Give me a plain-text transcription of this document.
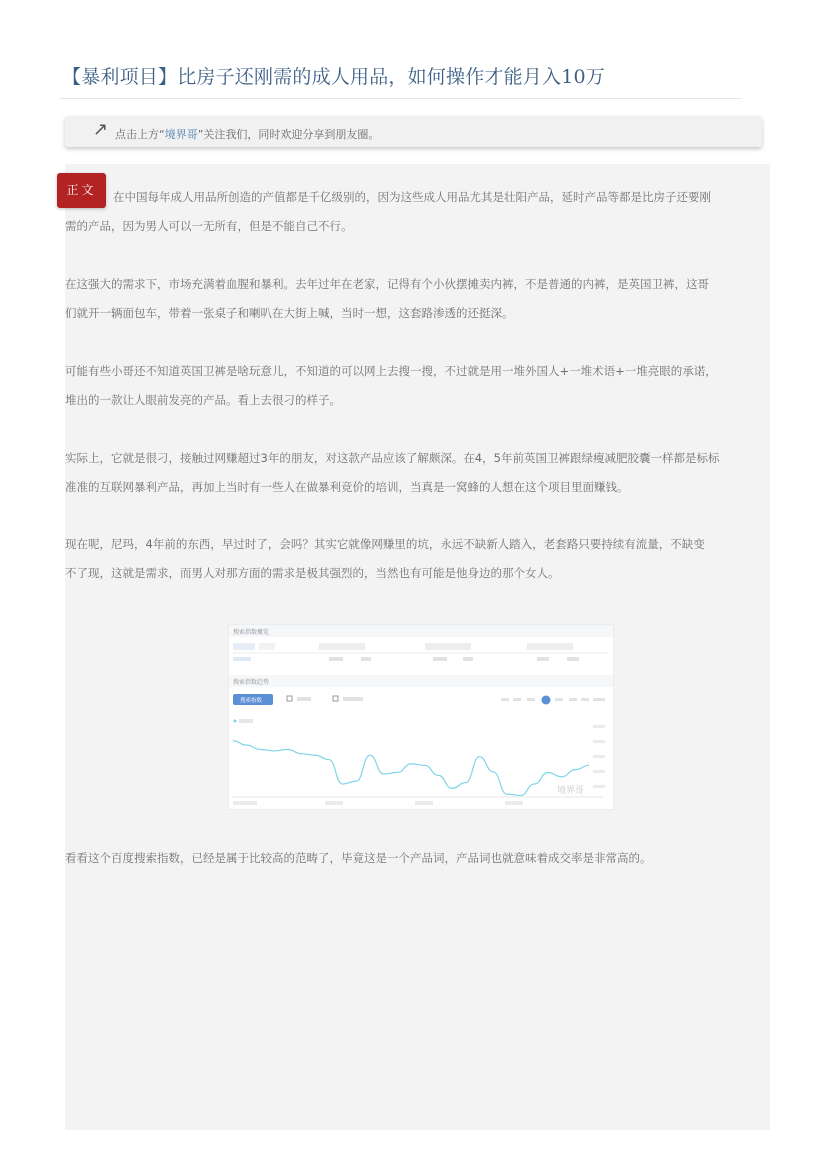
【暴利项目】比房子还刚需的成人用品，如何操作才能月入10万
↗ 点击上方“境界哥”关注我们，同时欢迎分享到朋友圈。
正文	在中国每年成人用品所创造的产值都是千亿级别的，因为这些成人用品尤其是壮阳产品，延时产品等都是比房子还要刚
需的产品，因为男人可以一无所有，但是不能自己不行。
在这强大的需求下，市场充满着血腥和暴利。去年过年在老家，记得有个小伙摆摊卖内裤，不是普通的内裤，是英国卫裤，这哥
们就开一辆面包车，带着一张桌子和喇叭在大街上喊，当时一想，这套路渗透的还挺深。
可能有些小哥还不知道英国卫裤是啥玩意儿，不知道的可以网上去搜一搜，不过就是用一堆外国人+一堆术语+一堆亮眼的承诺，
堆出的一款让人眼前发亮的产品。看上去很刁的样子。
实际上，它就是很刁，接触过网赚超过3年的朋友，对这款产品应该了解颇深。在4，5年前英国卫裤跟绿瘦减肥胶囊一样都是标标
准准的互联网暴利产品，再加上当时有一些人在做暴利竞价的培训，当真是一窝蜂的人想在这个项目里面赚钱。
现在呢，尼玛，4年前的东西，早过时了，会吗？其实它就像网赚里的坑，永远不缺新人踏入，老套路只要持续有流量，不缺变
不了现，这就是需求，而男人对那方面的需求是极其强烈的，当然也有可能是他身边的那个女人。
搜索指数概览
搜索指数趋势
搜索指数
境界哥
看看这个百度搜索指数，已经是属于比较高的范畴了，毕竟这是一个产品词，产品词也就意味着成交率是非常高的。
